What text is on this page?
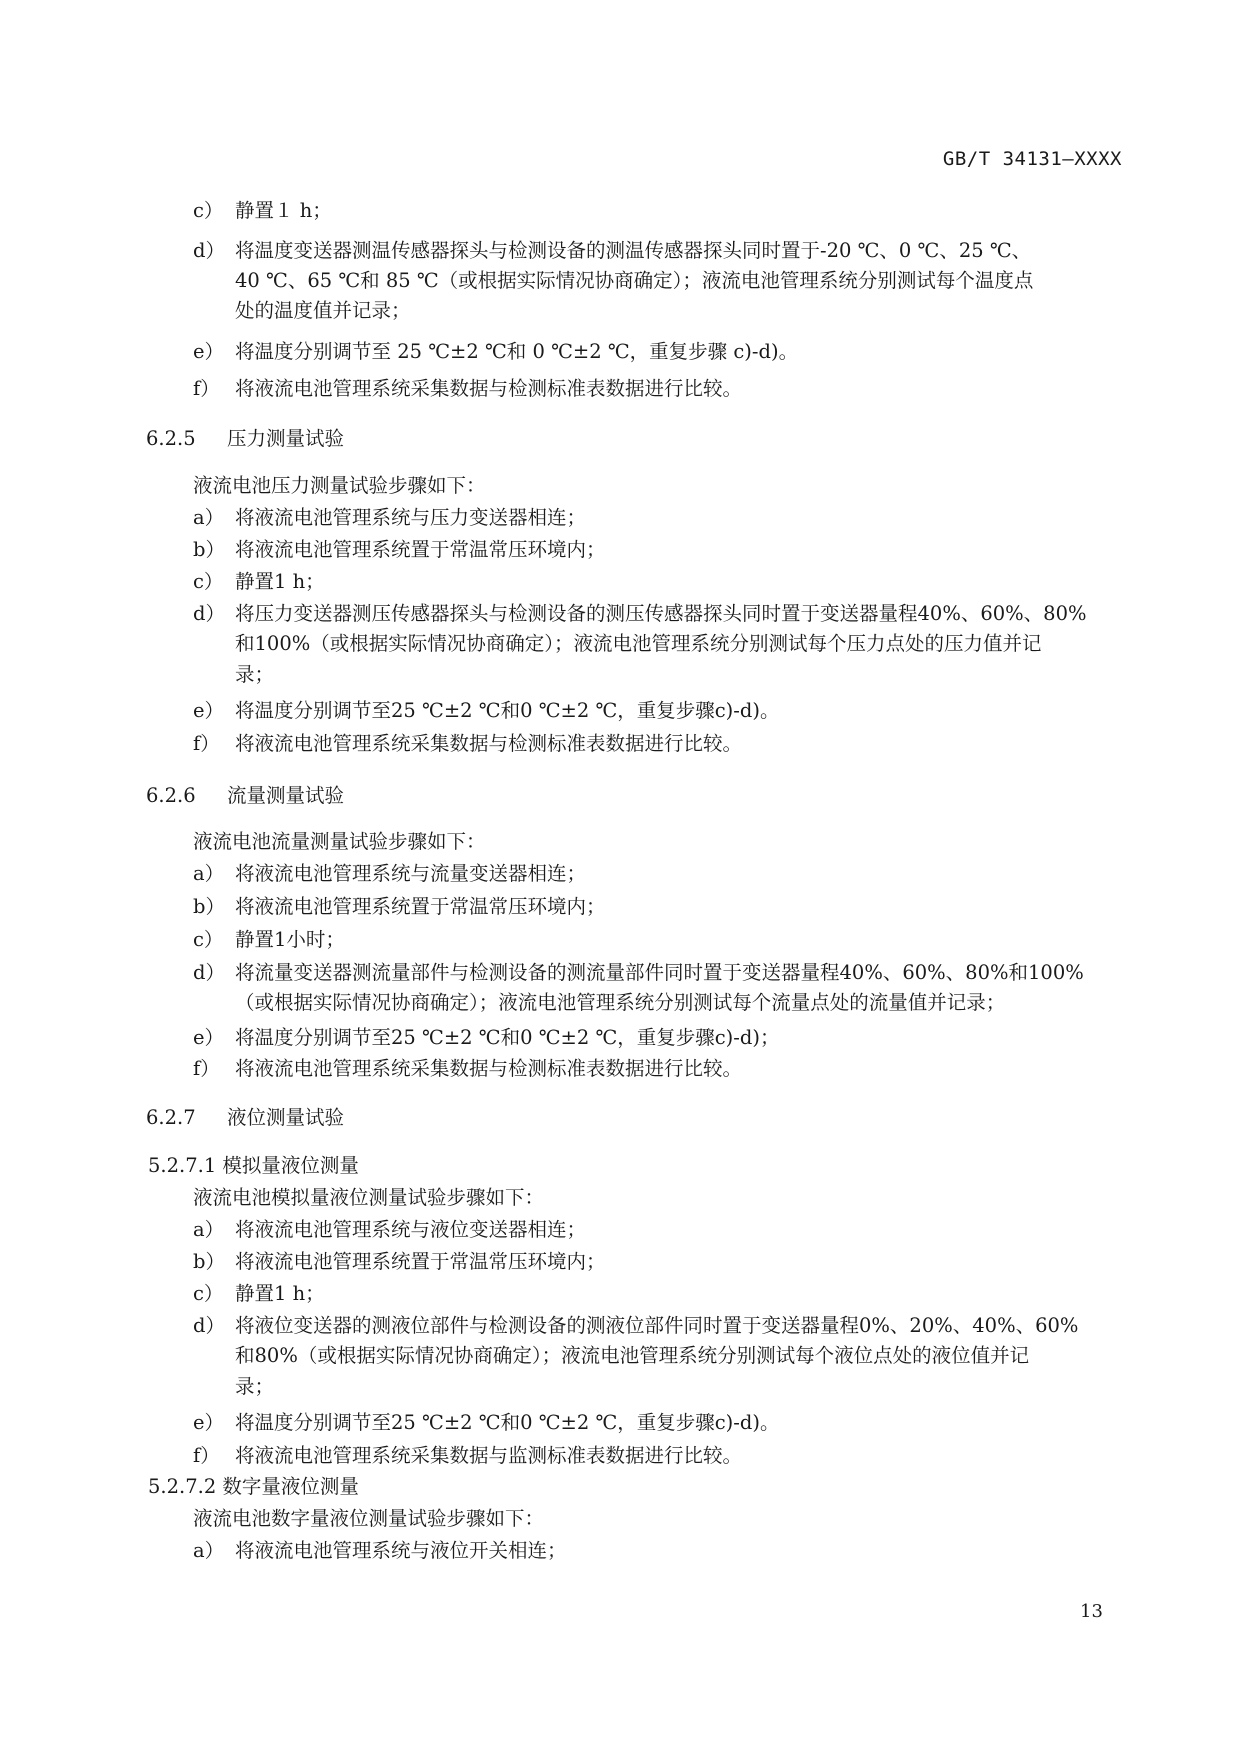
GB/T 34131—XXXX
c） 静置１ h；
d） 将温度变送器测温传感器探头与检测设备的测温传感器探头同时置于-20 ℃、0 ℃、25 ℃、
40 ℃、65 ℃和 85 ℃（或根据实际情况协商确定）；液流电池管理系统分别测试每个温度点
处的温度值并记录；
e） 将温度分别调节至 25 ℃±2 ℃和 0 ℃±2 ℃，重复步骤 c)-d)。
f） 将液流电池管理系统采集数据与检测标准表数据进行比较。
6.2.5 压力测量试验
液流电池压力测量试验步骤如下：
a） 将液流电池管理系统与压力变送器相连；
b） 将液流电池管理系统置于常温常压环境内；
c） 静置1 h；
d） 将压力变送器测压传感器探头与检测设备的测压传感器探头同时置于变送器量程40%、60%、80%
和100%（或根据实际情况协商确定）；液流电池管理系统分别测试每个压力点处的压力值并记
录；
e） 将温度分别调节至25 ℃±2 ℃和0 ℃±2 ℃，重复步骤c)-d)。
f） 将液流电池管理系统采集数据与检测标准表数据进行比较。
6.2.6 流量测量试验
液流电池流量测量试验步骤如下：
a） 将液流电池管理系统与流量变送器相连；
b） 将液流电池管理系统置于常温常压环境内；
c） 静置1小时；
d） 将流量变送器测流量部件与检测设备的测流量部件同时置于变送器量程40%、60%、80%和100%
（或根据实际情况协商确定）；液流电池管理系统分别测试每个流量点处的流量值并记录；
e） 将温度分别调节至25 ℃±2 ℃和0 ℃±2 ℃，重复步骤c)-d)；
f） 将液流电池管理系统采集数据与检测标准表数据进行比较。
6.2.7 液位测量试验
5.2.7.1 模拟量液位测量
液流电池模拟量液位测量试验步骤如下：
a） 将液流电池管理系统与液位变送器相连；
b） 将液流电池管理系统置于常温常压环境内；
c） 静置1 h；
d） 将液位变送器的测液位部件与检测设备的测液位部件同时置于变送器量程0%、20%、40%、60%
和80%（或根据实际情况协商确定）；液流电池管理系统分别测试每个液位点处的液位值并记
录；
e） 将温度分别调节至25 ℃±2 ℃和0 ℃±2 ℃，重复步骤c)-d)。
f） 将液流电池管理系统采集数据与监测标准表数据进行比较。
5.2.7.2 数字量液位测量
液流电池数字量液位测量试验步骤如下：
a） 将液流电池管理系统与液位开关相连；
13
